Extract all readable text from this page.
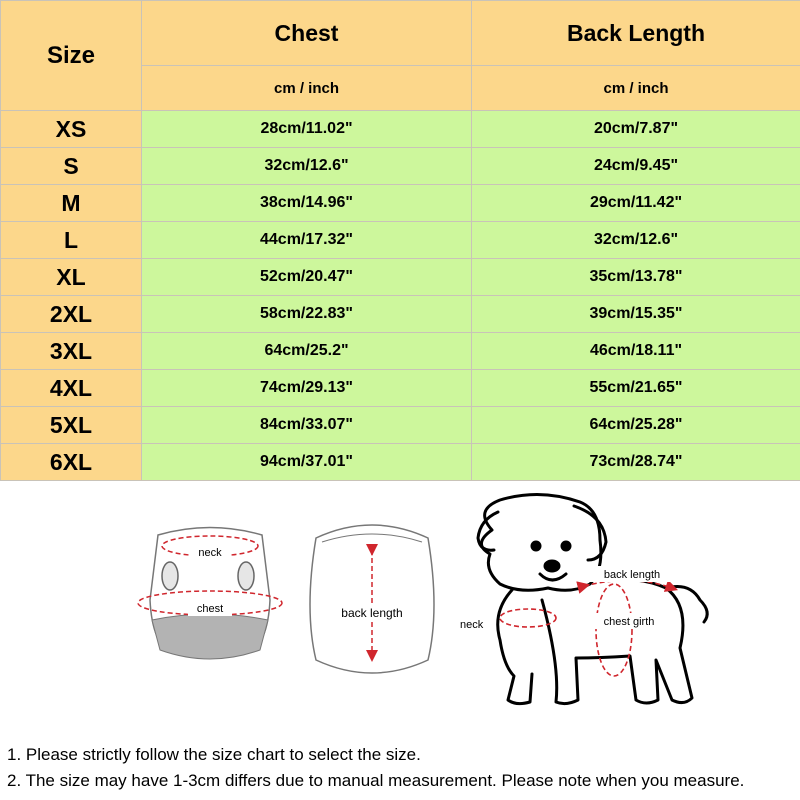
Size	Chest	Back Length
	cm / inch	cm / inch
XS	28cm/11.02"	20cm/7.87"
S	32cm/12.6"	24cm/9.45"
M	38cm/14.96"	29cm/11.42"
L	44cm/17.32"	32cm/12.6"
XL	52cm/20.47"	35cm/13.78"
2XL	58cm/22.83"	39cm/15.35"
3XL	64cm/25.2"	46cm/18.11"
4XL	74cm/29.13"	55cm/21.65"
5XL	84cm/33.07"	64cm/25.28"
6XL	94cm/37.01"	73cm/28.74"
neck
chest	back length
back length
neck	chest girth
1. Please strictly follow the size chart to select the size.
2. The size may have 1-3cm differs due to manual measurement. Please note when you measure.
